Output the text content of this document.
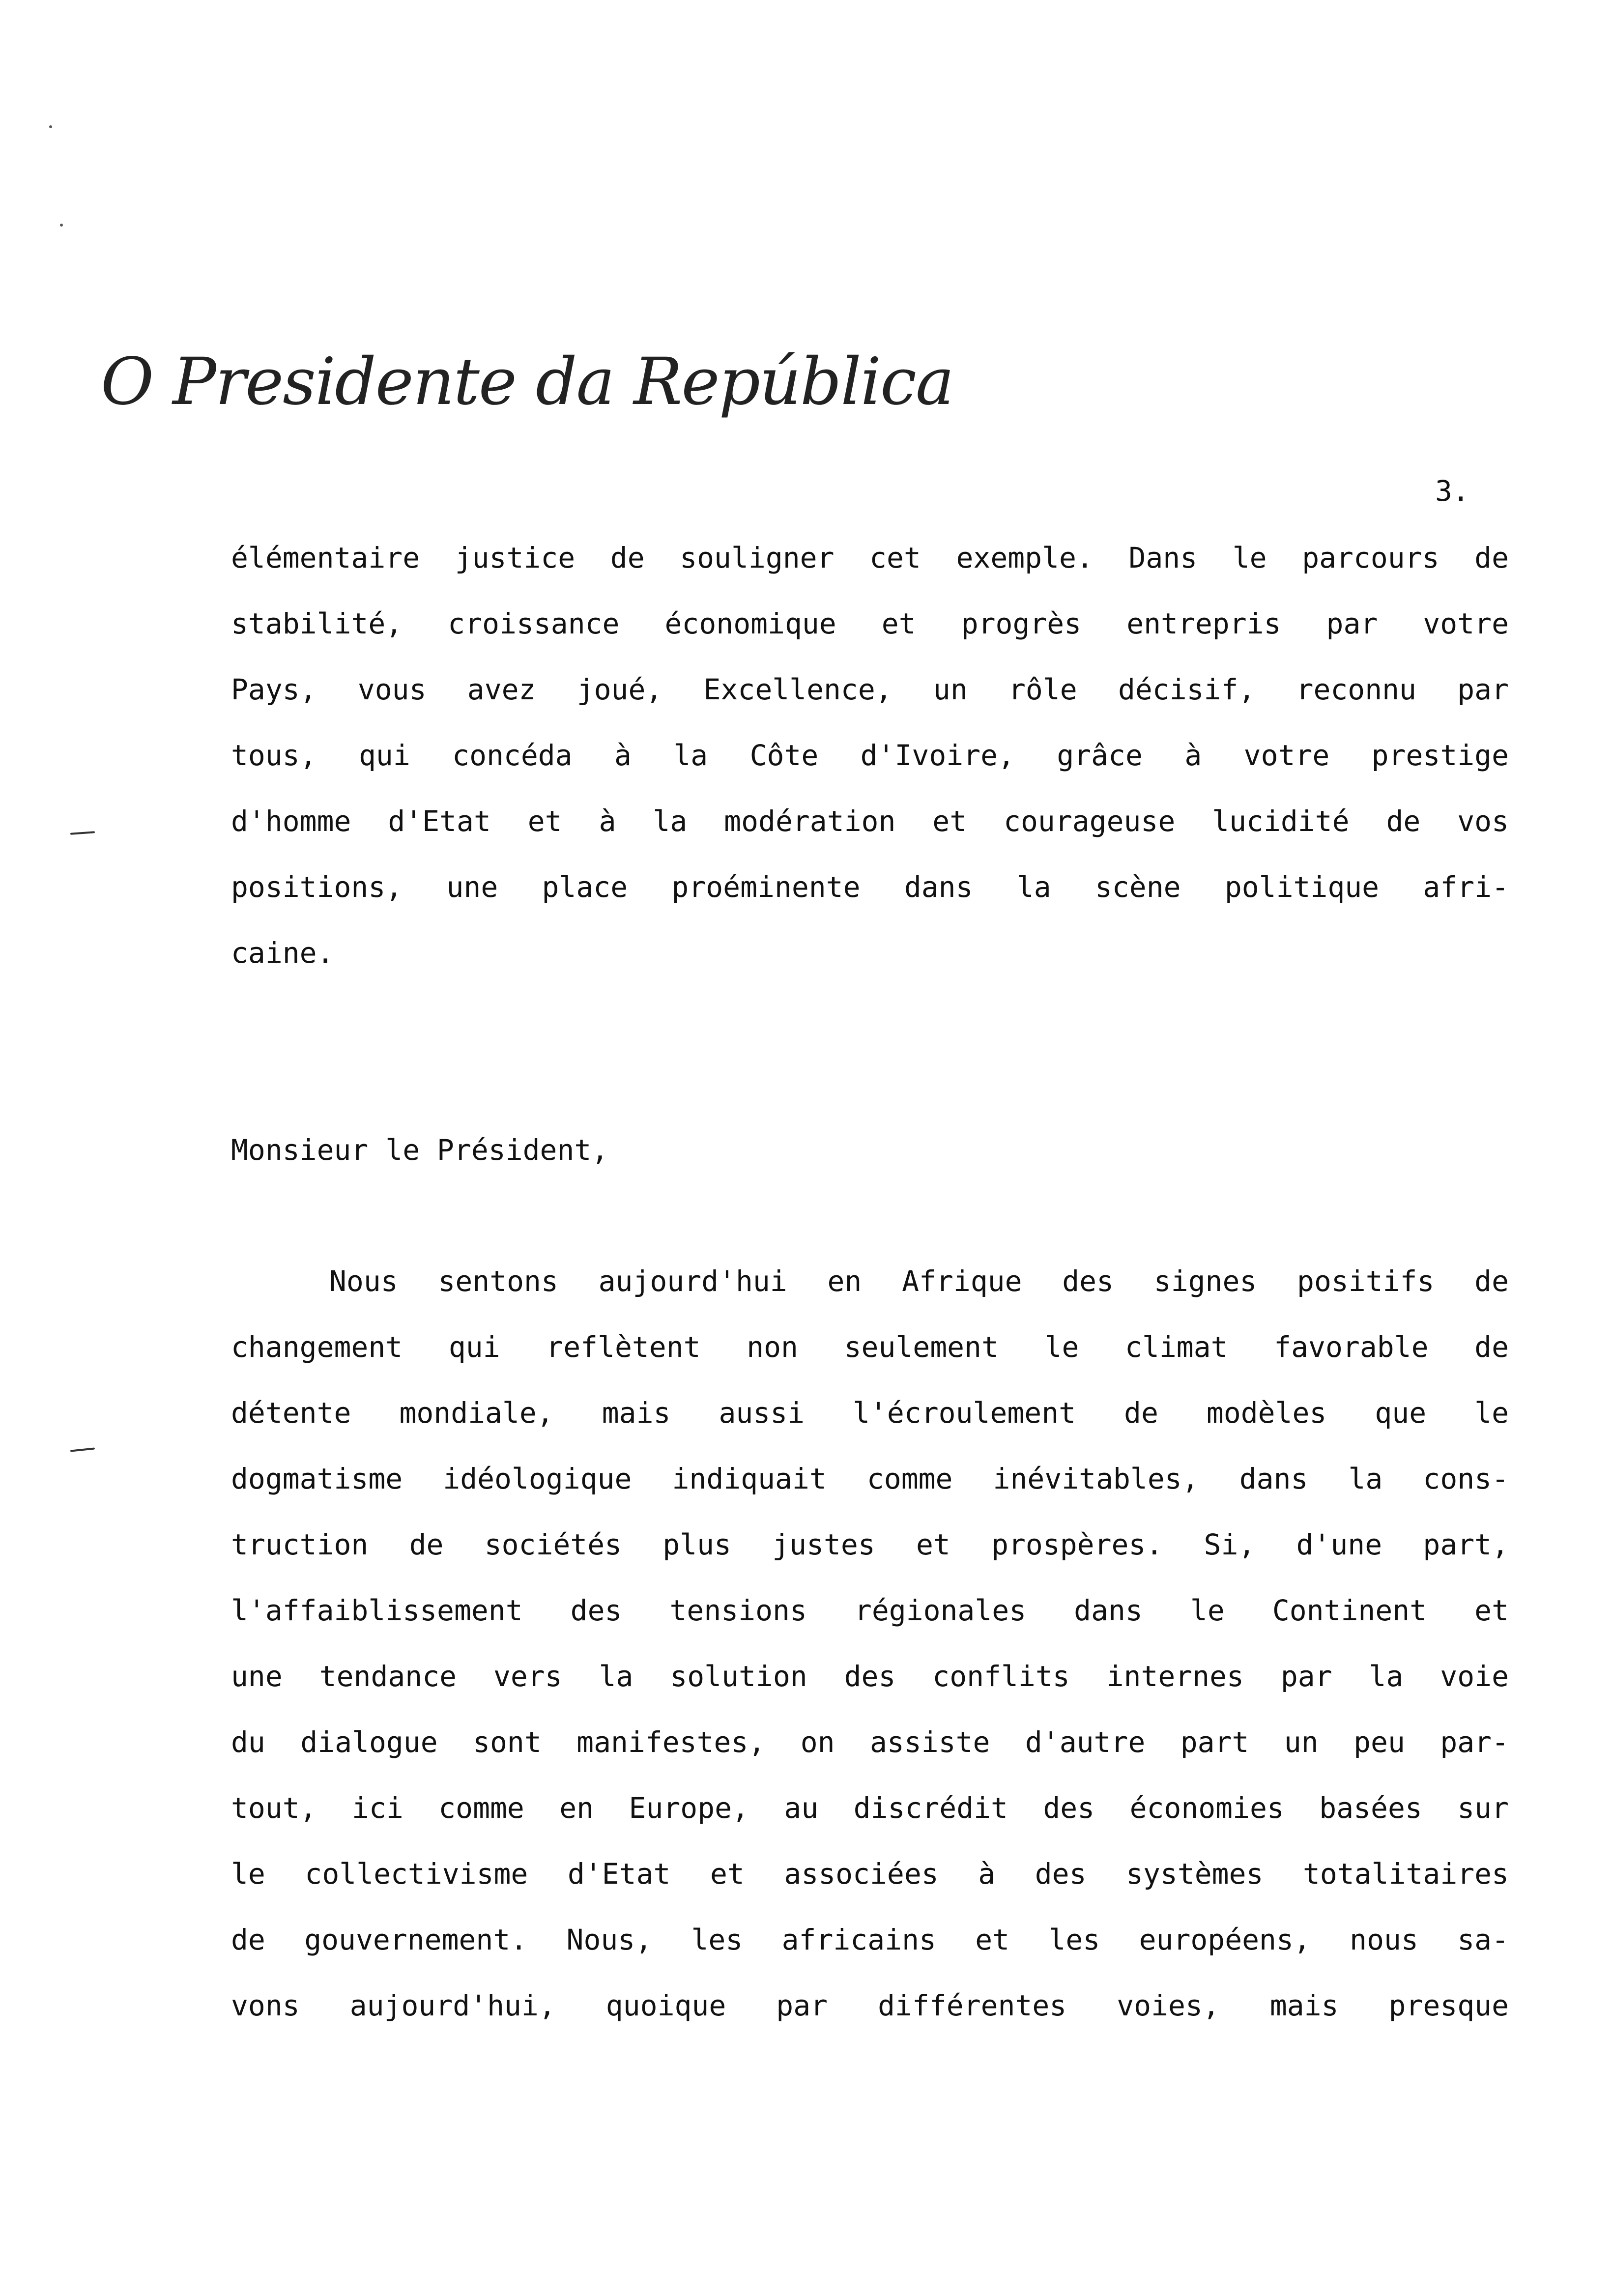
O Presidente da República
3.
élémentaire justice de souligner cet exemple. Dans le parcours de
stabilité, croissance économique et progrès entrepris par votre
Pays, vous avez joué, Excellence, un rôle décisif, reconnu par
tous, qui concéda à la Côte d'Ivoire, grâce à votre prestige
d'homme d'Etat et à la modération et courageuse lucidité de vos
positions, une place proéminente dans la scène politique afri-
caine.
Monsieur le Président,
Nous sentons aujourd'hui en Afrique des signes positifs de
changement qui reflètent non seulement le climat favorable de
détente mondiale, mais aussi l'écroulement de modèles que le
dogmatisme idéologique indiquait comme inévitables, dans la cons-
truction de sociétés plus justes et prospères. Si, d'une part,
l'affaiblissement des tensions régionales dans le Continent et
une tendance vers la solution des conflits internes par la voie
du dialogue sont manifestes, on assiste d'autre part un peu par-
tout, ici comme en Europe, au discrédit des économies basées sur
le collectivisme d'Etat et associées à des systèmes totalitaires
de gouvernement. Nous, les africains et les européens, nous sa-
vons aujourd'hui, quoique par différentes voies, mais presque
